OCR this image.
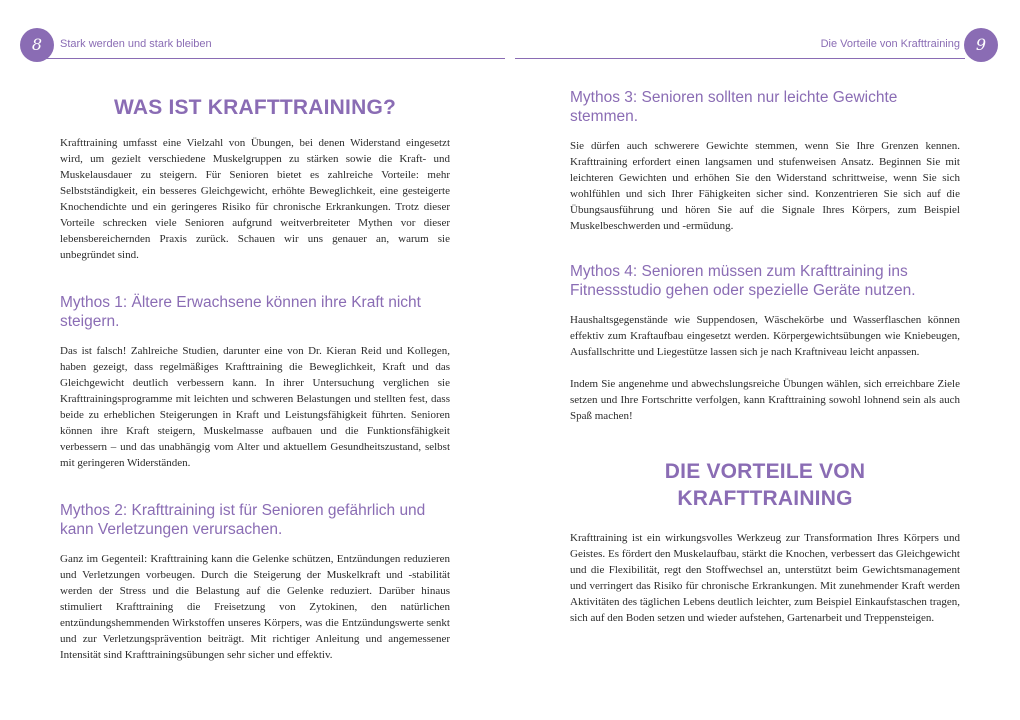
8	Stark werden und stark bleiben	Die Vorteile von Krafttraining 9
WAS IST KRAFTTRAINING?

Krafttraining umfasst eine Vielzahl von Übungen, bei denen Widerstand eingesetzt wird, um gezielt verschiedene Muskelgruppen zu stärken sowie die Kraft- und Muskelausdauer zu steigern. Für Senioren bietet es zahlreiche Vorteile: mehr Selbstständigkeit, ein besseres Gleichgewicht, erhöhte Beweglichkeit, eine gesteigerte Knochendichte und ein geringeres Risiko für chronische Erkrankungen. Trotz dieser Vorteile schrecken viele Senioren aufgrund weitverbreiteter Mythen vor dieser lebensbereichernden Praxis zurück. Schauen wir uns genauer an, warum sie unbegründet sind.

Mythos 1: Ältere Erwachsene können ihre Kraft nicht steigern.

Das ist falsch! Zahlreiche Studien, darunter eine von Dr. Kieran Reid und Kollegen, haben gezeigt, dass regelmäßiges Krafttraining die Beweglichkeit, Kraft und das Gleichgewicht deutlich verbessern kann. In ihrer Untersuchung verglichen sie Krafttrainingsprogramme mit leichten und schweren Belastungen und stellten fest, dass beide zu erheblichen Steigerungen in Kraft und Leistungsfähigkeit führten. Senioren können ihre Kraft steigern, Muskelmasse aufbauen und die Funktionsfähigkeit verbessern – und das unabhängig vom Alter und aktuellem Gesundheitszustand, selbst mit geringeren Widerständen.

Mythos 2: Krafttraining ist für Senioren gefährlich und kann Verletzungen verursachen.

Ganz im Gegenteil: Krafttraining kann die Gelenke schützen, Entzündungen reduzieren und Verletzungen vorbeugen. Durch die Steigerung der Muskelkraft und -stabilität werden der Stress und die Belastung auf die Gelenke reduziert. Darüber hinaus stimuliert Krafttraining die Freisetzung von Zytokinen, den natürlichen entzündungshemmenden Wirkstoffen unseres Körpers, was die Entzündungswerte senkt und zur Verletzungsprävention beiträgt. Mit richtiger Anleitung und angemessener Intensität sind Krafttrainingsübungen sehr sicher und effektiv.

Mythos 3: Senioren sollten nur leichte Gewichte stemmen.

Sie dürfen auch schwerere Gewichte stemmen, wenn Sie Ihre Grenzen kennen. Krafttraining erfordert einen langsamen und stufenweisen Ansatz. Beginnen Sie mit leichteren Gewichten und erhöhen Sie den Widerstand schrittweise, wenn Sie sich wohlfühlen und sich Ihrer Fähigkeiten sicher sind. Konzentrieren Sie sich auf die Übungsausführung und hören Sie auf die Signale Ihres Körpers, zum Beispiel Muskelbeschwerden und -ermüdung.

Mythos 4: Senioren müssen zum Krafttraining ins Fitnessstudio gehen oder spezielle Geräte nutzen.

Haushaltsgegenstände wie Suppendosen, Wäschekörbe und Wasserflaschen können effektiv zum Kraftaufbau eingesetzt werden. Körpergewichtsübungen wie Kniebeugen, Ausfallschritte und Liegestütze lassen sich je nach Kraftniveau leicht anpassen.

Indem Sie angenehme und abwechslungsreiche Übungen wählen, sich erreichbare Ziele setzen und Ihre Fortschritte verfolgen, kann Krafttraining sowohl lohnend sein als auch Spaß machen!

DIE VORTEILE VON KRAFTTRAINING

Krafttraining ist ein wirkungsvolles Werkzeug zur Transformation Ihres Körpers und Geistes. Es fördert den Muskelaufbau, stärkt die Knochen, verbessert das Gleichgewicht und die Flexibilität, regt den Stoffwechsel an, unterstützt beim Gewichtsmanagement und verringert das Risiko für chronische Erkrankungen. Mit zunehmender Kraft werden Aktivitäten des täglichen Lebens deutlich leichter, zum Beispiel Einkaufstaschen tragen, sich auf den Boden setzen und wieder aufstehen, Gartenarbeit und Treppensteigen.
